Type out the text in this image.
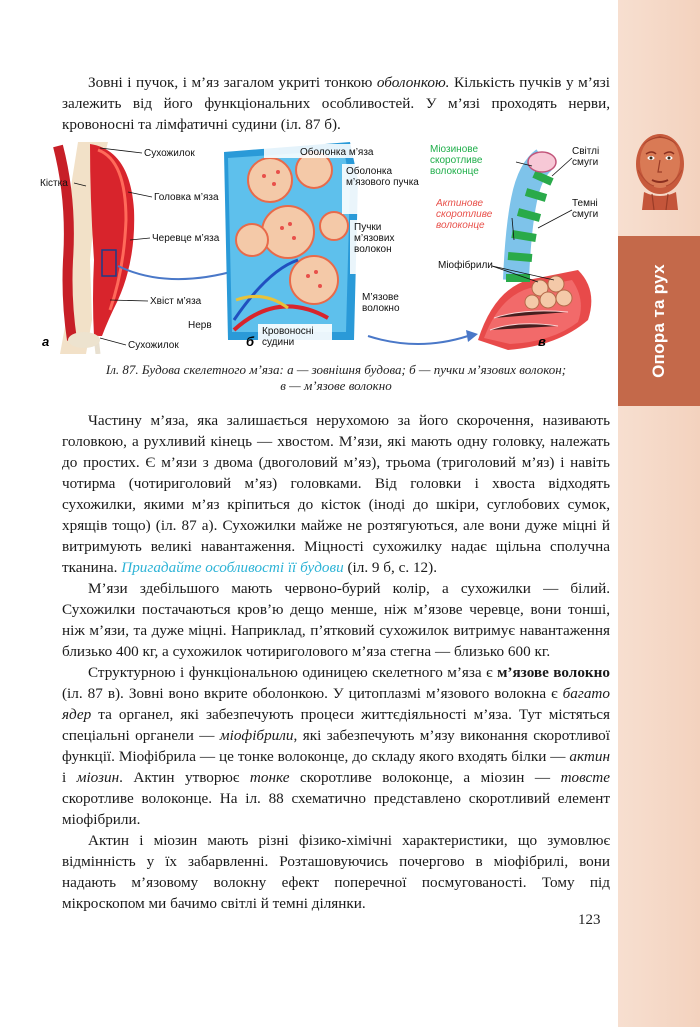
Опора та рух

Зовні і пучок, і м’яз загалом укриті тонкою оболонкою. Кількість пучків у м’язі залежить від його функціональних особливостей. У м’язі проходять нерви, кровоносні та лімфатичні судини (іл. 87 б).

Сухожилок
Кістка
Головка м’яза
Черевце м’яза
Хвіст м’яза
Сухожилок
а
Оболонка м’яза
Оболонка м’язового пучка
Пучки м’язових волокон
М’язове волокно
Нерв
Кровоносні судини
б
Міозинове скоротливе волоконце
Актинове скоротливе волоконце
Світлі смуги
Темні смуги
Міофібрили
в
Іл. 87. Будова скелетного м’яза: а — зовнішня будова; б — пучки м’язових волокон;
в — м’язове волокно

Частину м’яза, яка залишається нерухомою за його скорочення, називають головкою, а рухливий кінець — хвостом. М’язи, які мають одну головку, належать до простих. Є м’язи з двома (двоголовий м’яз), трьома (триголовий м’яз) і навіть чотирма (чотириголовий м’яз) головками. Від головки і хвоста відходять сухожилки, якими м’яз кріпиться до кісток (іноді до шкіри, суглобових сумок, хрящів тощо) (іл. 87 а). Сухожилки майже не розтягуються, але вони дуже міцні й витримують великі навантаження. Міцності сухожилку надає щільна сполучна тканина. Пригадайте особливості її будови (іл. 9 б, с. 12).

М’язи здебільшого мають червоно-бурий колір, а сухожилки — білий. Сухожилки постачаються кров’ю дещо менше, ніж м’язове черевце, вони тонші, ніж м’язи, та дуже міцні. Наприклад, п’ятковий сухожилок витримує навантаження близько 400 кг, а сухожилок чотириголового м’яза стегна — близько 600 кг.

Структурною і функціональною одиницею скелетного м’яза є м’язове волокно (іл. 87 в). Зовні воно вкрите оболонкою. У цитоплазмі м’язового волокна є багато ядер та органел, які забезпечують процеси життєдіяльності м’яза. Тут містяться спеціальні органели — міофібрили, які забезпечують м’язу виконання скоротливої функції. Міофібрила — це тонке волоконце, до складу якого входять білки — актин і міозин. Актин утворює тонке скоротливе волоконце, а міозин — товсте скоротливе волоконце. На іл. 88 схематично представлено скоротливий елемент міофібрили.

Актин і міозин мають різні фізико-хімічні характеристики, що зумовлює відмінність у їх забарвленні. Розташовуючись почергово в міофібрилі, вони надають м’язовому волокну ефект поперечної посмугованості. Тому під мікроскопом ми бачимо світлі й темні ділянки.

123
